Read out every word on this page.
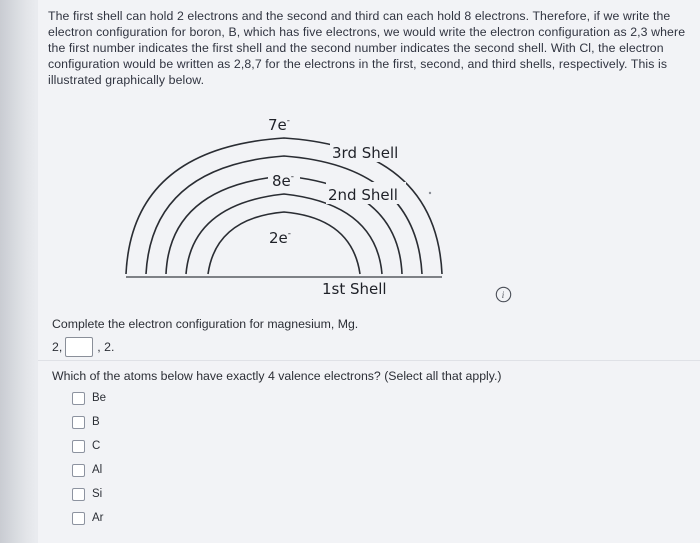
The first shell can hold 2 electrons and the second and third can each hold 8 electrons. Therefore, if we write the electron configuration for boron, B, which has five electrons, we would write the electron configuration as 2,3 where the first number indicates the first shell and the second number indicates the second shell. With Cl, the electron configuration would be written as 2,8,7 for the electrons in the first, second, and third shells, respectively. This is illustrated graphically below.
7e-
8e-
2e-
3rd Shell
2nd Shell
1st Shell	i
Complete the electron configuration for magnesium, Mg.
2,	, 2.
Which of the atoms below have exactly 4 valence electrons? (Select all that apply.)
Be
B
C
Al
Si
Ar
